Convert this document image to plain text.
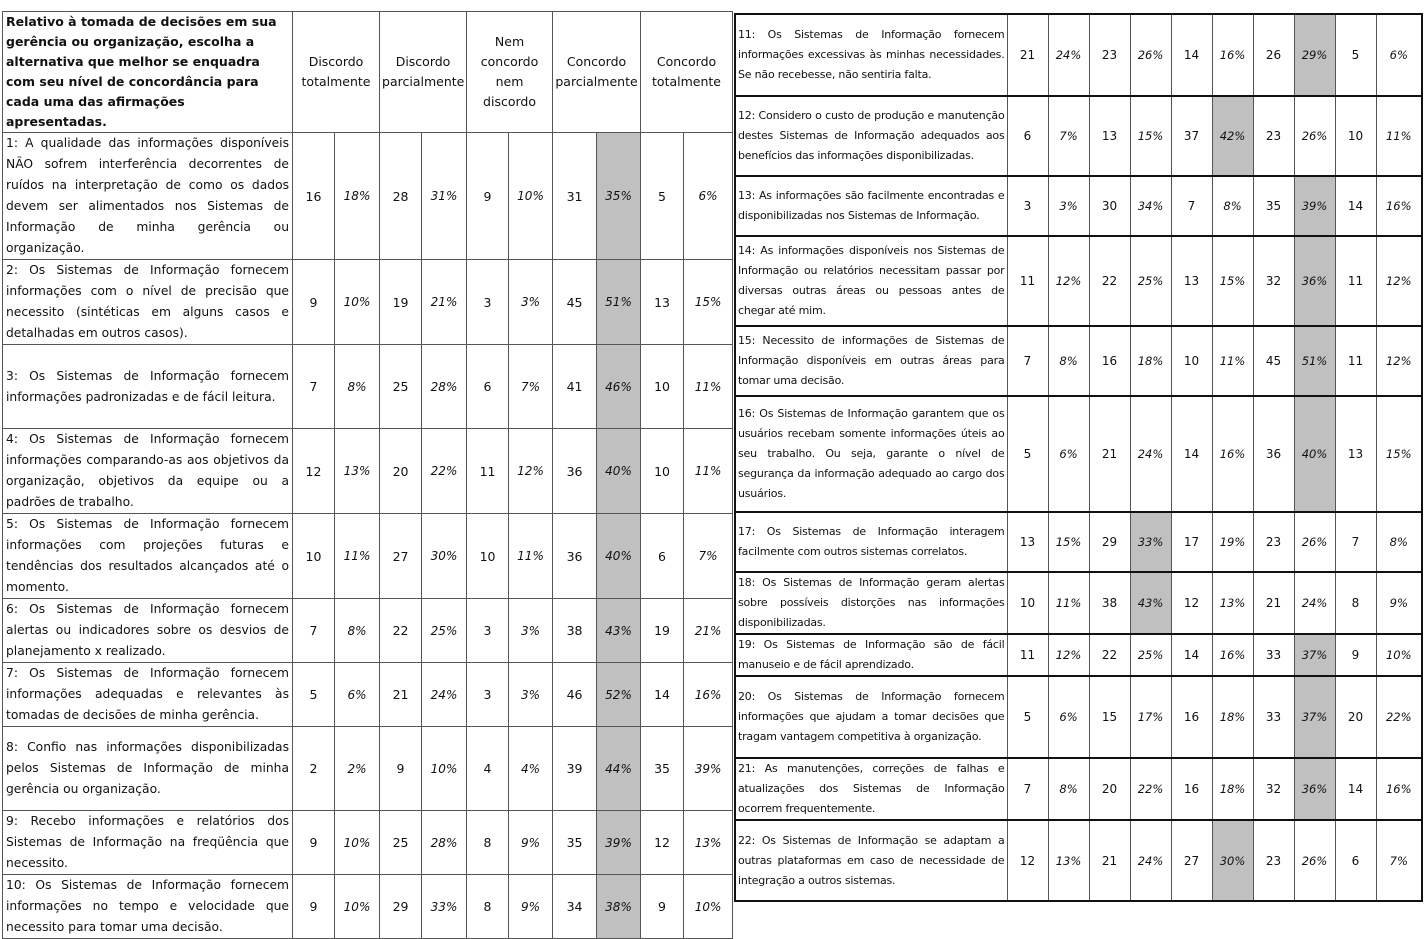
Relativo à tomada de decisões em sua gerência ou organização, escolha a alternativa que melhor se enquadra com seu nível de concordância para cada uma das afirmações apresentadas.	Discordo totalmente		Discordo parcialmente		Nem concordo nem discordo		Concordo parcialmente		Concordo totalmente	
1: A qualidade das informações disponíveis NÃO sofrem interferência decorrentes de ruídos na interpretação de como os dados devem ser alimentados nos Sistemas de Informação de minha gerência ou organização.	16	18%	28	31%	9	10%	31	35%	5	6%
2: Os Sistemas de Informação fornecem informações com o nível de precisão que necessito (sintéticas em alguns casos e detalhadas em outros casos).	9	10%	19	21%	3	3%	45	51%	13	15%
3: Os Sistemas de Informação fornecem informações padronizadas e de fácil leitura.	7	8%	25	28%	6	7%	41	46%	10	11%
4: Os Sistemas de Informação fornecem informações comparando-as aos objetivos da organização, objetivos da equipe ou a padrões de trabalho.	12	13%	20	22%	11	12%	36	40%	10	11%
5: Os Sistemas de Informação fornecem informações com projeções futuras e tendências dos resultados alcançados até o momento.	10	11%	27	30%	10	11%	36	40%	6	7%
6: Os Sistemas de Informação fornecem alertas ou indicadores sobre os desvios de planejamento x realizado.	7	8%	22	25%	3	3%	38	43%	19	21%
7: Os Sistemas de Informação fornecem informações adequadas e relevantes às tomadas de decisões de minha gerência.	5	6%	21	24%	3	3%	46	52%	14	16%
8: Confio nas informações disponibilizadas pelos Sistemas de Informação de minha gerência ou organização.	2	2%	9	10%	4	4%	39	44%	35	39%
9: Recebo informações e relatórios dos Sistemas de Informação na freqüência que necessito.	9	10%	25	28%	8	9%	35	39%	12	13%
10: Os Sistemas de Informação fornecem informações no tempo e velocidade que necessito para tomar uma decisão.	9	10%	29	33%	8	9%	34	38%	9	10%
11: Os Sistemas de Informação fornecem informações excessivas às minhas necessidades. Se não recebesse, não sentiria falta.	21	24%	23	26%	14	16%	26	29%	5	6%
12: Considero o custo de produção e manutenção destes Sistemas de Informação adequados aos benefícios das informações disponibilizadas.	6	7%	13	15%	37	42%	23	26%	10	11%
13: As informações são facilmente encontradas e disponibilizadas nos Sistemas de Informação.	3	3%	30	34%	7	8%	35	39%	14	16%
14: As informações disponíveis nos Sistemas de Informação ou relatórios necessitam passar por diversas outras áreas ou pessoas antes de chegar até mim.	11	12%	22	25%	13	15%	32	36%	11	12%
15: Necessito de informações de Sistemas de Informação disponíveis em outras áreas para tomar uma decisão.	7	8%	16	18%	10	11%	45	51%	11	12%
16: Os Sistemas de Informação garantem que os usuários recebam somente informações úteis ao seu trabalho. Ou seja, garante o nível de segurança da informação adequado ao cargo dos usuários.	5	6%	21	24%	14	16%	36	40%	13	15%
17: Os Sistemas de Informação interagem facilmente com outros sistemas correlatos.	13	15%	29	33%	17	19%	23	26%	7	8%
18: Os Sistemas de Informação geram alertas sobre possíveis distorções nas informações disponibilizadas.	10	11%	38	43%	12	13%	21	24%	8	9%
19: Os Sistemas de Informação são de fácil manuseio e de fácil aprendizado.	11	12%	22	25%	14	16%	33	37%	9	10%
20: Os Sistemas de Informação fornecem informações que ajudam a tomar decisões que tragam vantagem competitiva à organização.	5	6%	15	17%	16	18%	33	37%	20	22%
21: As manutenções, correções de falhas e atualizações dos Sistemas de Informação ocorrem frequentemente.	7	8%	20	22%	16	18%	32	36%	14	16%
22: Os Sistemas de Informação se adaptam a outras plataformas em caso de necessidade de integração a outros sistemas.	12	13%	21	24%	27	30%	23	26%	6	7%
